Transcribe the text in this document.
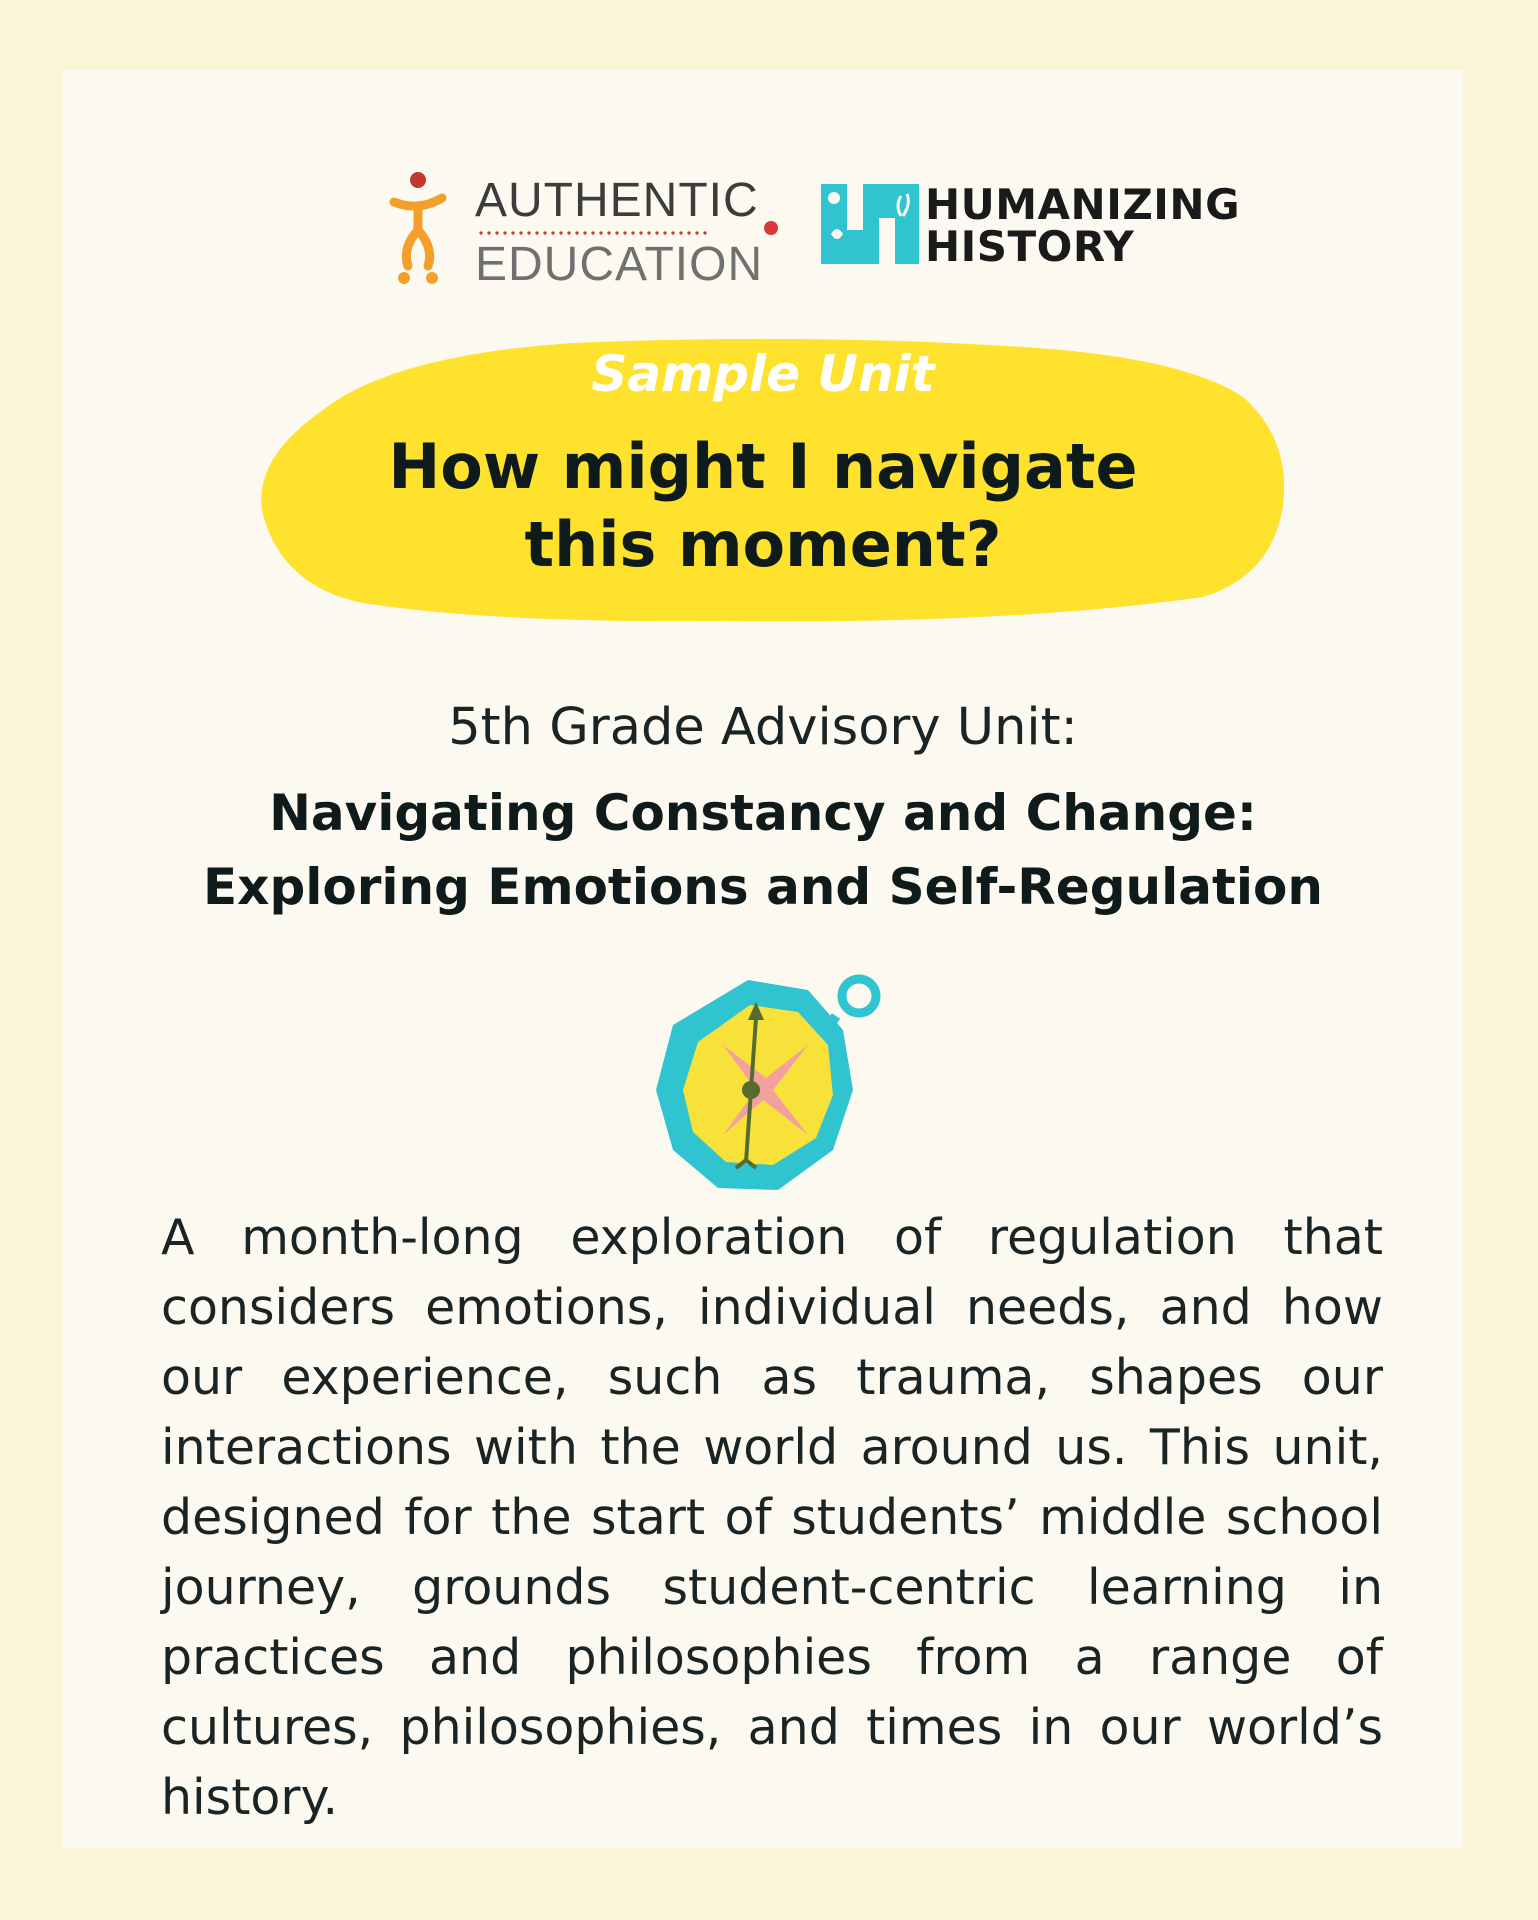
AUTHENTIC
EDUCATION
HUMANIZING
HISTORY
Sample Unit
How might I navigate
this moment?
5th Grade Advisory Unit:
Navigating Constancy and Change:
Exploring Emotions and Self-Regulation
A month-long exploration of regulation that considers emotions, individual needs, and how our experience, such as trauma, shapes our interactions with the world around us. This unit, designed for the start of students’ middle school journey, grounds student-centric learning in practices and philosophies from a range of cultures, philosophies, and times in our world’s history.
